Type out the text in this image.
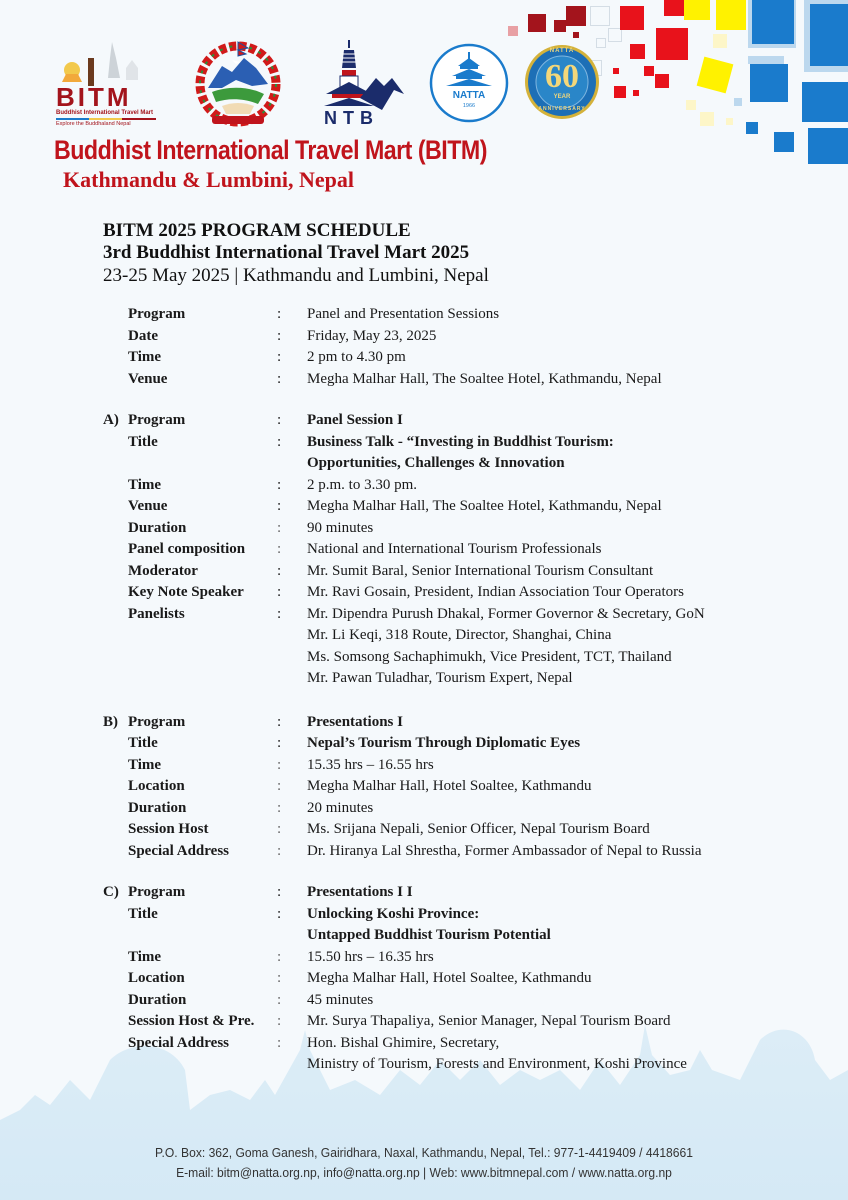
BITM
Buddhist International Travel Mart
Explore the Buddhaland Nepal	NTB
NATTA
1966
NATTA
60
YEAR
ANNIVERSARY
Buddhist International Travel Mart (BITM)
Kathmandu & Lumbini, Nepal
BITM 2025 PROGRAM SCHEDULE
3rd Buddhist International Travel Mart 2025
23-25 May 2025 | Kathmandu and Lumbini, Nepal
Program	:	Panel and Presentation Sessions
Date	:	Friday, May 23, 2025
Time	:	2 pm to 4.30 pm
Venue	:	Megha Malhar Hall, The Soaltee Hotel, Kathmandu, Nepal
A) Program	:	Panel Session I
Title	:	Business Talk - “Investing in Buddhist Tourism:
Opportunities, Challenges & Innovation
Time	:	2 p.m. to 3.30 pm.
Venue	:	Megha Malhar Hall, The Soaltee Hotel, Kathmandu, Nepal
Duration	:	90 minutes
Panel composition	:	National and International Tourism Professionals
Moderator	:	Mr. Sumit Baral, Senior International Tourism Consultant
Key Note Speaker	:	Mr. Ravi Gosain, President, Indian Association Tour Operators
Panelists	:	Mr. Dipendra Purush Dhakal, Former Governor & Secretary, GoN
Mr. Li Keqi, 318 Route, Director, Shanghai, China
Ms. Somsong Sachaphimukh, Vice President, TCT, Thailand
Mr. Pawan Tuladhar, Tourism Expert, Nepal
B) Program	:	Presentations I
Title	:	Nepal’s Tourism Through Diplomatic Eyes
Time	:	15.35 hrs – 16.55 hrs
Location	:	Megha Malhar Hall, Hotel Soaltee, Kathmandu
Duration	:	20 minutes
Session Host	:	Ms. Srijana Nepali, Senior Officer, Nepal Tourism Board
Special Address	:	Dr. Hiranya Lal Shrestha, Former Ambassador of Nepal to Russia
C) Program	:	Presentations I I
Title	:	Unlocking Koshi Province:
Untapped Buddhist Tourism Potential
Time	:	15.50 hrs – 16.35 hrs
Location	:	Megha Malhar Hall, Hotel Soaltee, Kathmandu
Duration	:	45 minutes
Session Host & Pre.	:	Mr. Surya Thapaliya, Senior Manager, Nepal Tourism Board
Special Address	:	Hon. Bishal Ghimire, Secretary,
Ministry of Tourism, Forests and Environment, Koshi Province
P.O. Box: 362, Goma Ganesh, Gairidhara, Naxal, Kathmandu, Nepal, Tel.: 977-1-4419409 / 4418661
E-mail: bitm@natta.org.np, info@natta.org.np | Web: www.bitmnepal.com / www.natta.org.np
